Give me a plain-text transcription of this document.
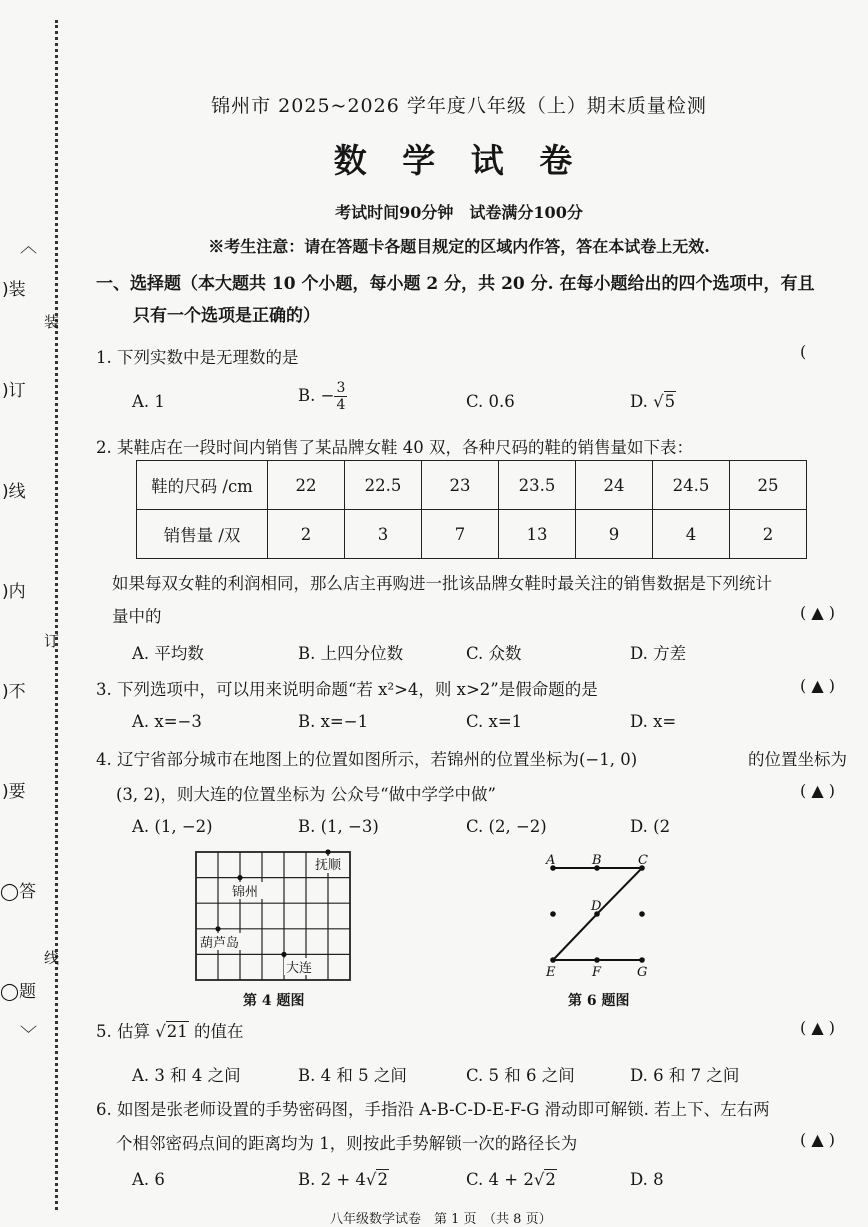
︿
)装
)订
)线
)内
)不
)要
◯答
◯题
﹀
装
订
线
锦州市 2025~2026 学年度八年级（上）期末质量检测
数 学 试 卷
考试时间90分钟　试卷满分100分
※考生注意：请在答题卡各题目规定的区域内作答，答在本试卷上无效.
一、选择题（本大题共 10 个小题，每小题 2 分，共 20 分. 在每小题给出的四个选项中，有且
只有一个选项是正确的）
1. 下列实数中是无理数的是	(
A. 1	B. − $\frac{3}{4}$	C. 0.6	D. √5
2. 某鞋店在一段时间内销售了某品牌女鞋 40 双，各种尺码的鞋的销售量如下表：
鞋的尺码 /cm	22	22.5	23	23.5	24	24.5	25
销售量 /双	2	3	7	13	9	4	2
如果每双女鞋的利润相同，那么店主再购进一批该品牌女鞋时最关注的销售数据是下列统计
量中的	( ▲ )
A. 平均数	B. 上四分位数	C. 众数	D. 方差
3. 下列选项中，可以用来说明命题“若 x²>4，则 x>2”是假命题的是	( ▲ )
A. x=−3	B. x=−1	C. x=1	D. x=
4. 辽宁省部分城市在地图上的位置如图所示，若锦州的位置坐标为(−1, 0)	的位置坐标为
(3, 2)，则大连的位置坐标为 公众号“做中学学中做”	( ▲ )
A. (1, −2)	B. (1, −3)	C. (2, −2)	D. (2
抚顺
锦州
葫芦岛
大连
第 4 题图
A	B	C
D
E	F	G
第 6 题图
5. 估算 √21 的值在	( ▲ )
A. 3 和 4 之间	B. 4 和 5 之间	C. 5 和 6 之间	D. 6 和 7 之间
6. 如图是张老师设置的手势密码图，手指沿 A-B-C-D-E-F-G 滑动即可解锁. 若上下、左右两
个相邻密码点间的距离均为 1，则按此手势解锁一次的路径长为	( ▲ )
A. 6	B. 2 + 4√2	C. 4 + 2√2	D. 8
八年级数学试卷　第 1 页　（共 8 页）
